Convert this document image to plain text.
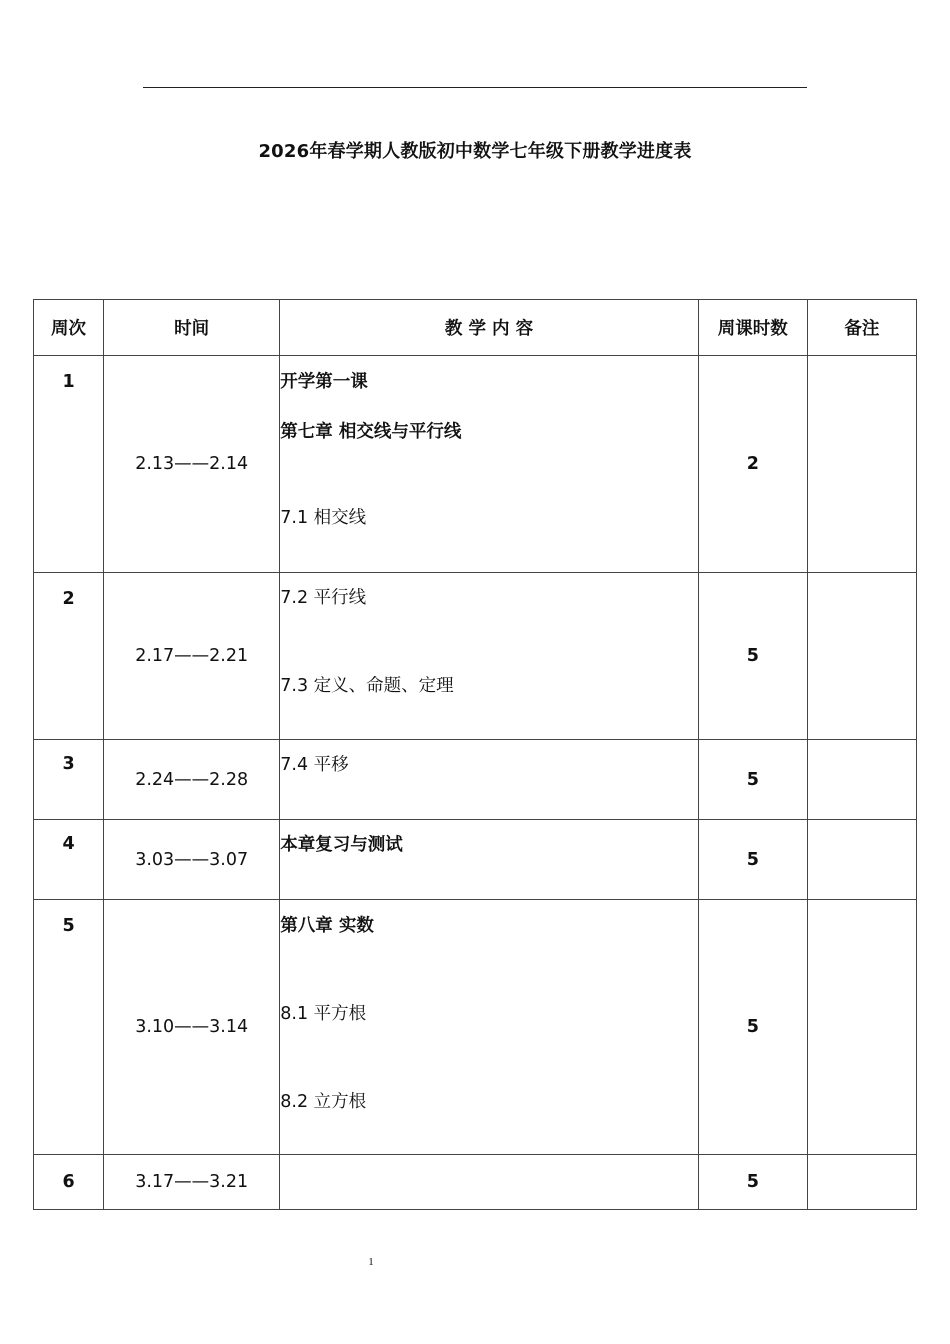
2026年春学期人教版初中数学七年级下册教学进度表
周次	时间	教 学 内 容	周课时数	备注

1	2.13——2.14	开学第一课
第七章 相交线与平行线
7.1 相交线	2	

2	2.17——2.21	7.2 平行线
7.3 定义、命题、定理	5	

3	2.24——2.28	7.4 平移	5	

4	3.03——3.07	本章复习与测试	5	

5	3.10——3.14	第八章 实数
8.1 平方根
8.2 立方根	5	

6	3.17——3.21		5	
1
